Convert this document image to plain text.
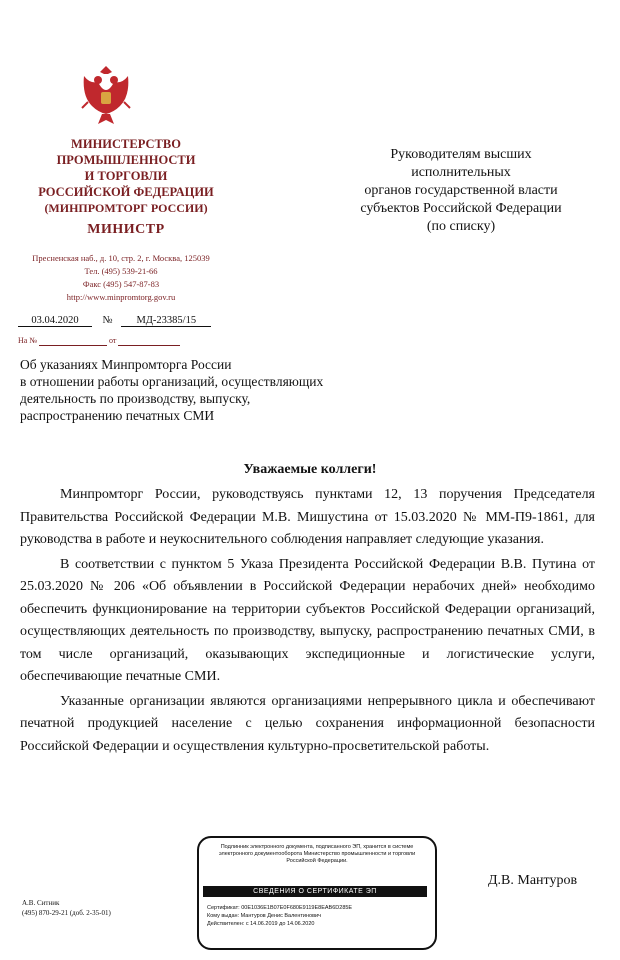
МИНИСТЕРСТВО
ПРОМЫШЛЕННОСТИ
И ТОРГОВЛИ
РОССИЙСКОЙ ФЕДЕРАЦИИ
(МИНПРОМТОРГ РОССИИ)
МИНИСТР
Пресненская наб., д. 10, стр. 2, г. Москва, 125039
Тел. (495) 539-21-66
Факс (495) 547-87-83
http://www.minpromtorg.gov.ru
03.04.2020 № МД-23385/15
На №	от
Руководителям высших
исполнительных
органов государственной власти
субъектов Российской Федерации
(по списку)
Об указаниях Минпромторга России
в отношении работы организаций, осуществляющих
деятельность по производству, выпуску,
распространению печатных СМИ
Уважаемые коллеги!

Минпромторг России, руководствуясь пунктами 12, 13 поручения Председателя Правительства Российской Федерации М.В. Мишустина от 15.03.2020 № ММ-П9-1861, для руководства в работе и неукоснительного соблюдения направляет следующие указания.

В соответствии с пунктом 5 Указа Президента Российской Федерации В.В. Путина от 25.03.2020 № 206 «Об объявлении в Российской Федерации нерабочих дней» необходимо обеспечить функционирование на территории субъектов Российской Федерации организаций, осуществляющих деятельность по производству, выпуску, распространению печатных СМИ, в том числе организаций, оказывающих экспедиционные и логистические услуги, обеспечивающие печатные СМИ.

Указанные организации являются организациями непрерывного цикла и обеспечивают печатной продукцией население с целью сохранения информационной безопасности Российской Федерации и осуществления культурно-просветительской работы.

Подлинник электронного документа, подписанного ЭП, хранится в системе электронного документооборота Министерство промышленности и торговли Российской Федерации.
СВЕДЕНИЯ О СЕРТИФИКАТЕ ЭП
Сертификат: 00E1036E1B07E0F680E9119E8EAB6D285E
Кому выдан: Мантуров Денис Валентинович
Действителен: с 14.06.2019 до 14.06.2020
Д.В. Мантуров
А.В. Ситник
(495) 870-29-21 (доб. 2-35-01)
